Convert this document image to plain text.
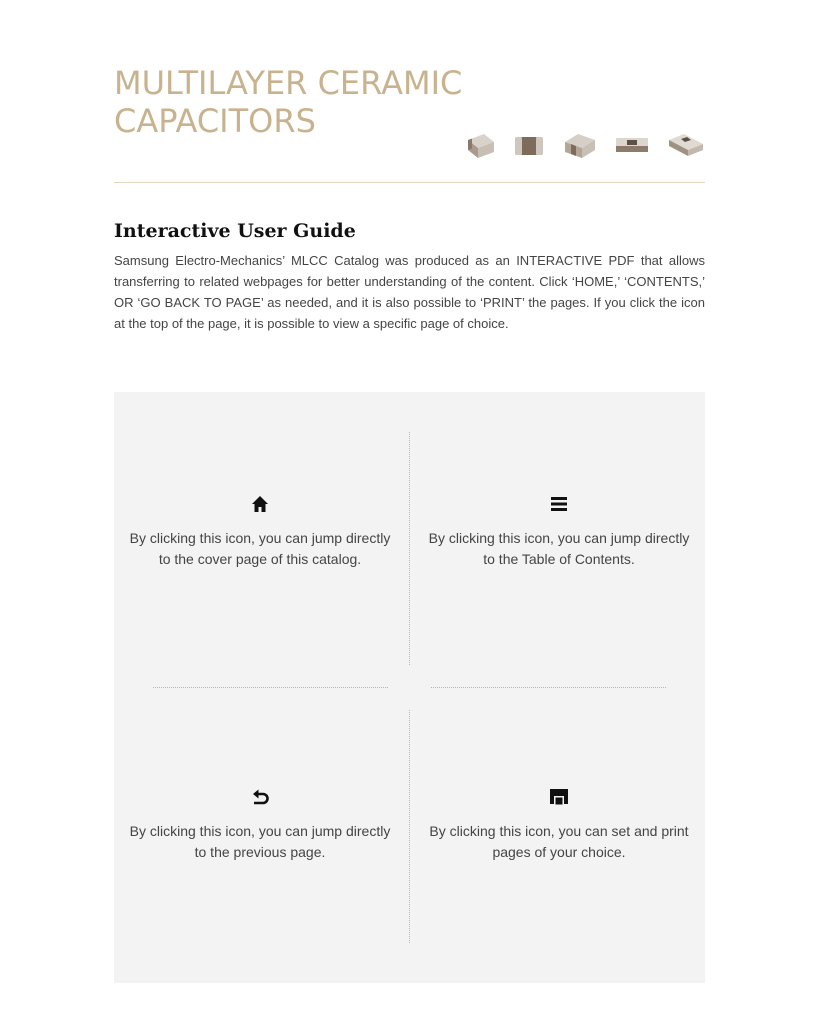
MULTILAYER CERAMIC
CAPACITORS
Interactive User Guide

Samsung Electro-Mechanics’ MLCC Catalog was produced as an INTERACTIVE PDF that allows transferring to related webpages for better understanding of the content. Click ‘HOME,’ ‘CONTENTS,’ OR ‘GO BACK TO PAGE’ as needed, and it is also possible to ‘PRINT’ the pages. If you click the icon at the top of the page, it is possible to view a specific page of choice.

By clicking this icon, you can jump directly to the cover page of this catalog.

By clicking this icon, you can jump directly to the Table of Contents.

By clicking this icon, you can jump directly to the previous page.

By clicking this icon, you can set and print pages of your choice.
